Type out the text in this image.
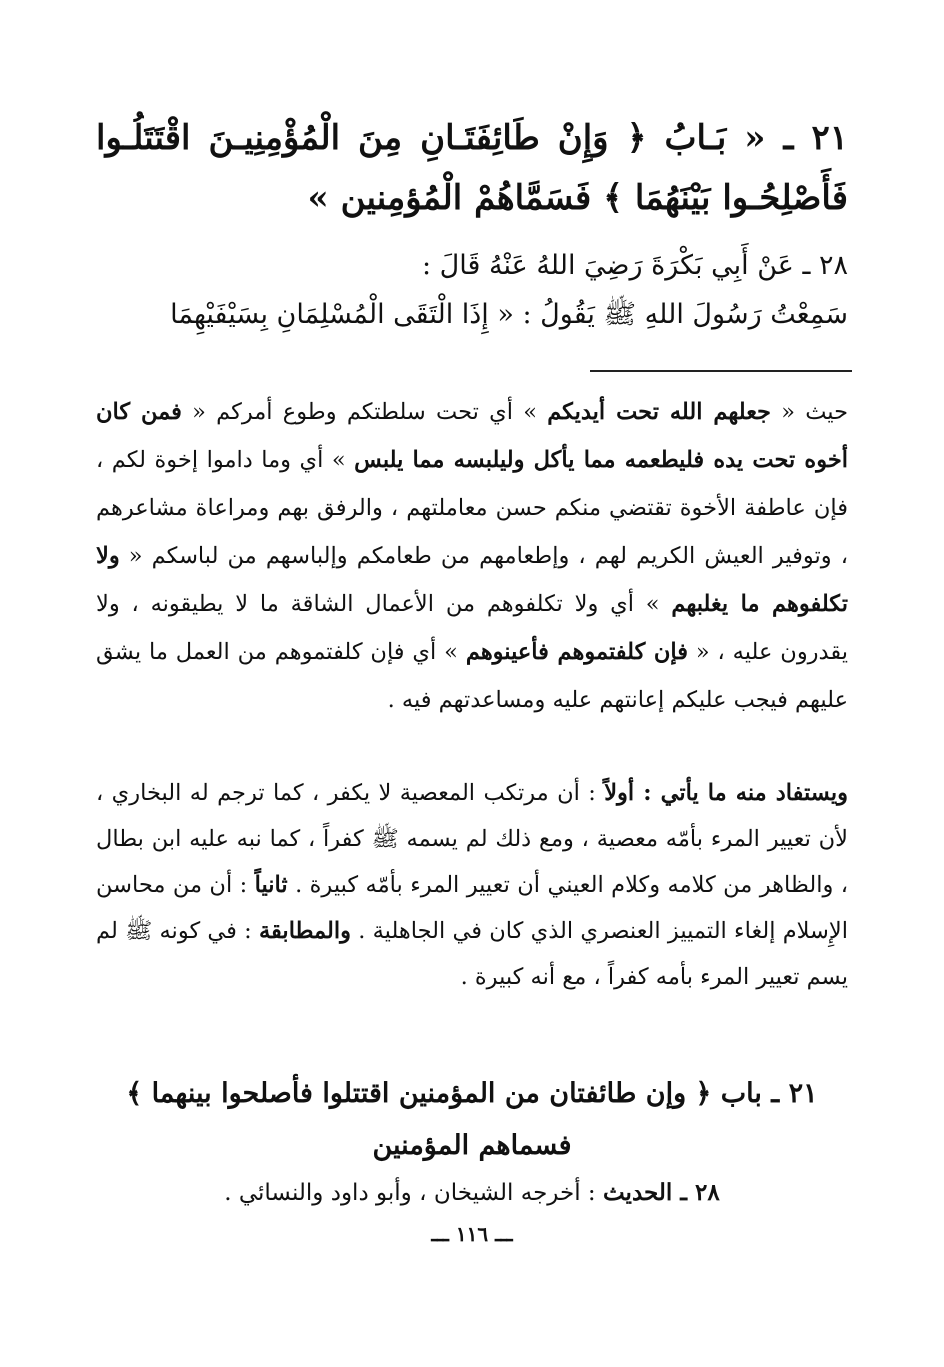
٢١ ـ « بَـابُ ﴿ وَإِنْ طَائِفَتَـانِ مِنَ الْمُؤْمِنِيـنَ اقْتَتَلُـوا فَأَصْلِحُـوا بَيْنَهُمَا ﴾ فَسَمَّاهُمْ الْمُؤمِنين »

٢٨ ـ عَنْ أَبِي بَكْرَةَ رَضِيَ اللهُ عَنْهُ قَالَ :

سَمِعْتُ رَسُولَ اللهِ ﷺ يَقُولُ : « إِذَا الْتَقَى الْمُسْلِمَانِ بِسَيْفَيْهِمَا

حيث « جعلهم الله تحت أيديكم » أي تحت سلطتكم وطوع أمركم « فمن كان أخوه تحت يده فليطعمه مما يأكل وليلبسه مما يلبس » أي وما داموا إخوة لكم ، فإن عاطفة الأخوة تقتضي منكم حسن معاملتهم ، والرفق بهم ومراعاة مشاعرهم ، وتوفير العيش الكريم لهم ، وإطعامهم من طعامكم وإلباسهم من لباسكم « ولا تكلفوهم ما يغلبهم » أي ولا تكلفوهم من الأعمال الشاقة ما لا يطيقونه ، ولا يقدرون عليه ، « فإن كلفتموهم فأعينوهم » أي فإن كلفتموهم من العمل ما يشق عليهم فيجب عليكم إعانتهم عليه ومساعدتهم فيه .

ويستفاد منه ما يأتي : أولاً : أن مرتكب المعصية لا يكفر ، كما ترجم له البخاري ، لأن تعيير المرء بأمّه معصية ، ومع ذلك لم يسمه ﷺ كفراً ، كما نبه عليه ابن بطال ، والظاهر من كلامه وكلام العيني أن تعيير المرء بأمّه كبيرة . ثانياً : أن من محاسن الإِسلام إلغاء التمييز العنصري الذي كان في الجاهلية . والمطابقة : في كونه ﷺ لم يسم تعيير المرء بأمه كفراً ، مع أنه كبيرة .

٢١ ـ باب ﴿ وإن طائفتان من المؤمنين اقتتلوا فأصلحوا بينهما ﴾ فسماهم المؤمنين

٢٨ ـ الحديث : أخرجه الشيخان ، وأبو داود والنسائي .

ـــ ١١٦ ـــ
